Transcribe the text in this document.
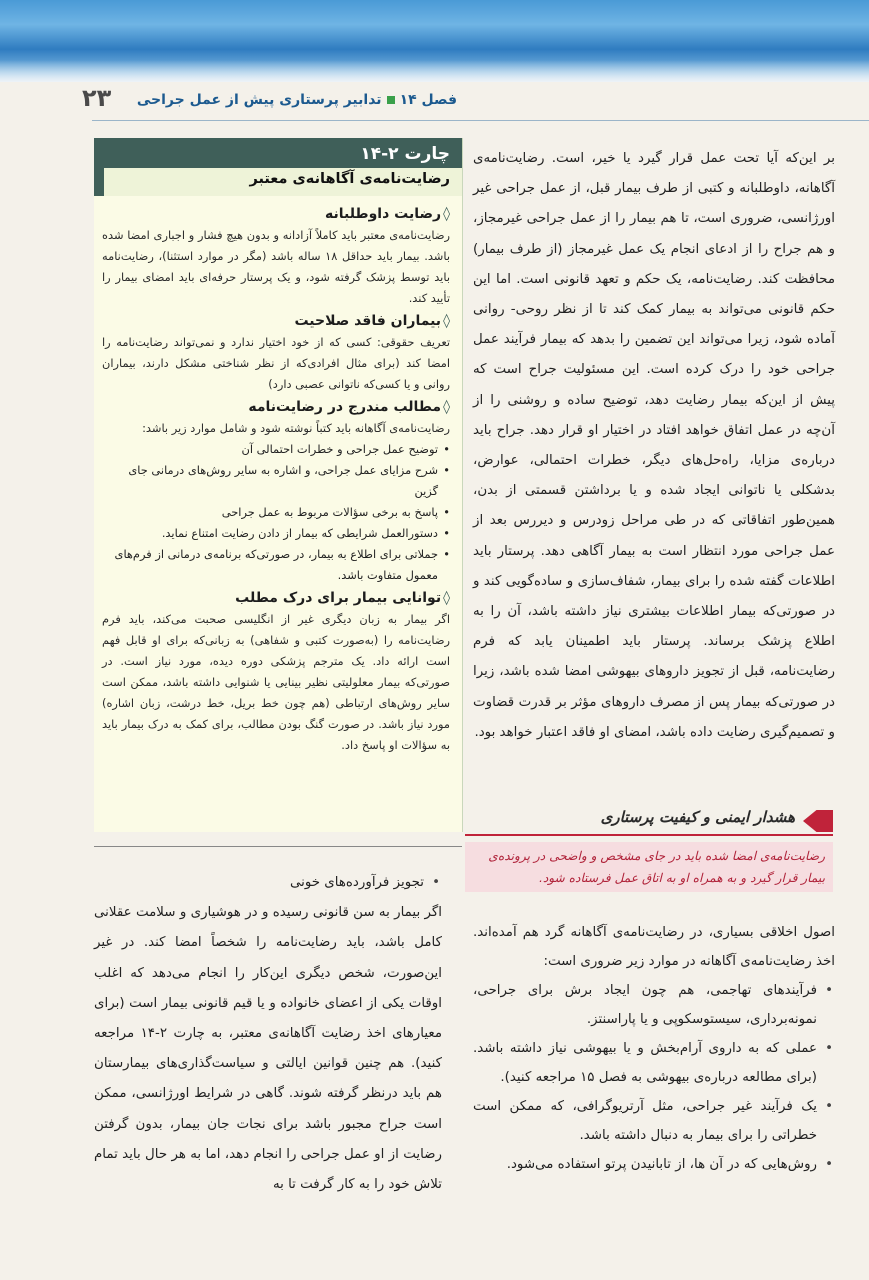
۲۳	فصل ۱۴تدابیر پرستاری پیش از عمل جراحی
بر این‌که آیا تحت عمل قرار گیرد یا خیر، است. رضایت‌نامه‌ی آگاهانه، داوطلبانه و کتبی از طرف بیمار قبل، از عمل جراحی غیر اورژانسی، ضروری است، تا هم بیمار را از عمل جراحی غیرمجاز، و هم جراح را از ادعای انجام یک عمل غیرمجاز (از طرف بیمار) محافظت کند. رضایت‌نامه، یک حکم و تعهد قانونی است. اما این حکم قانونی می‌تواند به بیمار کمک کند تا از نظر روحی- روانی آماده شود، زیرا می‌تواند این تضمین را بدهد که بیمار فرآیند عمل جراحی خود را درک کرده است. این مسئولیت جراح است که پیش از این‌که بیمار رضایت دهد، توضیح ساده و روشنی را از آن‌چه در عمل اتفاق خواهد افتاد در اختیار او قرار دهد. جراح باید درباره‌ی مزایا، راه‌حل‌های دیگر، خطرات احتمالی، عوارض، بدشکلی یا ناتوانی ایجاد شده و یا برداشتن قسمتی از بدن، همین‌طور اتفاقاتی که در طی مراحل زودرس و دیررس بعد از عمل جراحی مورد انتظار است به بیمار آگاهی دهد. پرستار باید اطلاعات گفته شده را برای بیمار، شفاف‌سازی و ساده‌گویی کند و در صورتی‌که بیمار اطلاعات بیشتری نیاز داشته باشد، آن را به اطلاع پزشک برساند. پرستار باید اطمینان یابد که فرم رضایت‌نامه، قبل از تجویز داروهای بیهوشی امضا شده باشد، زیرا در صورتی‌که بیمار پس از مصرف داروهای مؤثر بر قدرت قضاوت و تصمیم‌گیری رضایت داده باشد، امضای او فاقد اعتبار خواهد بود.
هشدار ایمنی و کیفیت پرستاری
رضایت‌نامه‌ی امضا شده باید در جای مشخص و واضحی در پرونده‌ی بیمار قرار گیرد و به همراه او به اتاق عمل فرستاده شود.
اصول اخلاقی بسیاری، در رضایت‌نامه‌ی آگاهانه گرد هم آمده‌اند. اخذ رضایت‌نامه‌ی آگاهانه در موارد زیر ضروری است:
• فرآیندهای تهاجمی، هم چون ایجاد برش برای جراحی، نمونه‌برداری، سیستوسکوپی و یا پاراسنتز.
• عملی که به داروی آرام‌بخش و یا بیهوشی نیاز داشته باشد. (برای مطالعه درباره‌ی بیهوشی به فصل ۱۵ مراجعه کنید).
• یک فرآیند غیر جراحی، مثل آرتریوگرافی، که ممکن است خطراتی را برای بیمار به دنبال داشته باشد.
• روش‌هایی که در آن ها، از تابانیدن پرتو استفاده می‌شود.
چارت ۲-۱۴
رضایت‌نامه‌ی آگاهانه‌ی معتبر
◊رضایت داوطلبانه
رضایت‌نامه‌ی معتبر باید کاملاً آزادانه و بدون هیچ فشار و اجباری امضا شده باشد. بیمار باید حداقل ۱۸ ساله باشد (مگر در موارد استثنا)، رضایت‌نامه باید توسط پزشک گرفته شود، و یک پرستار حرفه‌ای باید امضای بیمار را تأیید کند.
◊بیماران فاقد صلاحیت
تعریف حقوقی: کسی که از خود اختیار ندارد و نمی‌تواند رضایت‌نامه را امضا کند (برای مثال افرادی‌که از نظر شناختی مشکل دارند، بیماران روانی و یا کسی‌که ناتوانی عصبی دارد)
◊مطالب مندرج در رضایت‌نامه
رضایت‌نامه‌ی آگاهانه باید کتباً نوشته شود و شامل موارد زیر باشد:
• توضیح عمل جراحی و خطرات احتمالی آن
• شرح مزایای عمل جراحی، و اشاره به سایر روش‌های درمانی جای گزین
• پاسخ به برخی سؤالات مربوط به عمل جراحی
• دستورالعمل شرایطی که بیمار از دادن رضایت امتناع نماید.
• جملاتی برای اطلاع به بیمار، در صورتی‌که برنامه‌ی درمانی از فرم‌های معمول متفاوت باشد.
◊توانایی بیمار برای درک مطلب
اگر بیمار به زبان دیگری غیر از انگلیسی صحبت می‌کند، باید فرم رضایت‌نامه را (به‌صورت کتبی و شفاهی) به زبانی‌که برای او قابل فهم است ارائه داد. یک مترجم پزشکی دوره دیده، مورد نیاز است. در صورتی‌که بیمار معلولیتی نظیر بینایی یا شنوایی داشته باشد، ممکن است سایر روش‌های ارتباطی (هم چون خط بریل، خط درشت، زبان اشاره) مورد نیاز باشد. در صورت گنگ بودن مطالب، برای کمک به درک بیمار باید به سؤالات او پاسخ داد.
• تجویز فرآورده‌های خونی
اگر بیمار به سن قانونی رسیده و در هوشیاری و سلامت عقلانی کامل باشد، باید رضایت‌نامه را شخصاً امضا کند. در غیر این‌صورت، شخص دیگری این‌کار را انجام می‌دهد که اغلب اوقات یکی از اعضای خانواده و یا قیم قانونی بیمار است (برای معیارهای اخذ رضایت آگاهانه‌ی معتبر، به چارت ۲-۱۴ مراجعه کنید). هم چنین قوانین ایالتی و سیاست‌گذاری‌های بیمارستان هم باید درنظر گرفته شوند. گاهی در شرایط اورژانسی، ممکن است جراح مجبور باشد برای نجات جان بیمار، بدون گرفتن رضایت از او عمل جراحی را انجام دهد، اما به هر حال باید تمام تلاش خود را به کار گرفت تا به
